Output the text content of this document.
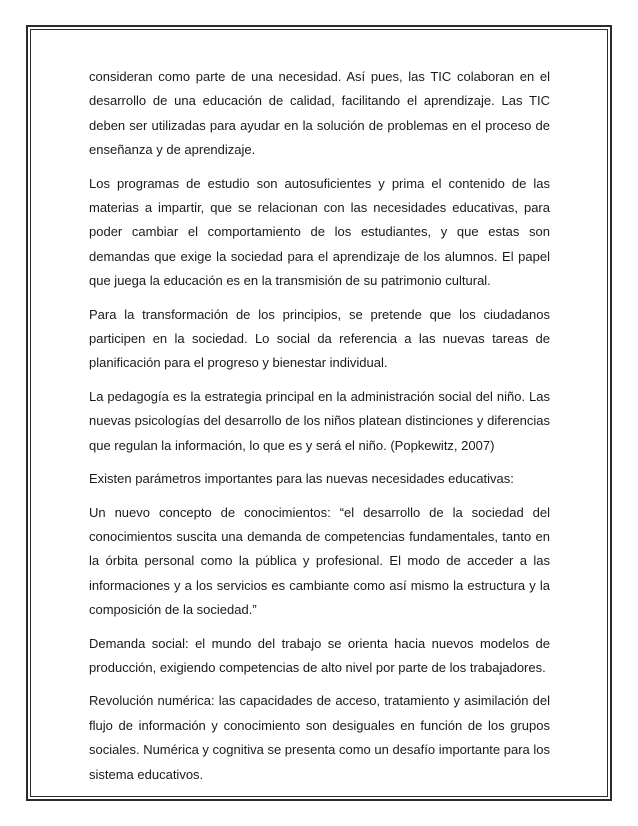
consideran como parte de una necesidad. Así pues, las TIC colaboran en el desarrollo de una educación de calidad, facilitando el aprendizaje. Las TIC deben ser utilizadas para ayudar en la solución de problemas en el proceso de enseñanza y de aprendizaje.

Los programas de estudio son autosuficientes y prima el contenido de las materias a impartir, que se relacionan con las necesidades educativas, para poder cambiar el comportamiento de los estudiantes, y que estas son demandas que exige la sociedad para el aprendizaje de los alumnos. El papel que juega la educación es en la transmisión de su patrimonio cultural.

Para la transformación de los principios, se pretende que los ciudadanos participen en la sociedad. Lo social da referencia a las nuevas tareas de planificación para el progreso y bienestar individual.

La pedagogía es la estrategia principal en la administración social del niño. Las nuevas psicologías del desarrollo de los niños platean distinciones y diferencias que regulan la información, lo que es y será el niño. (Popkewitz, 2007)

Existen parámetros importantes para las nuevas necesidades educativas:

Un nuevo concepto de conocimientos: “el desarrollo de la sociedad del conocimientos suscita una demanda de competencias fundamentales, tanto en la órbita personal como la pública y profesional. El modo de acceder a las informaciones y a los servicios es cambiante como así mismo la estructura y la composición de la sociedad.”

Demanda social: el mundo del trabajo se orienta hacia nuevos modelos de producción, exigiendo competencias de alto nivel por parte de los trabajadores.

Revolución numérica: las capacidades de acceso, tratamiento y asimilación del flujo de información y conocimiento son desiguales en función de los grupos sociales. Numérica y cognitiva se presenta como un desafío importante para los sistema educativos.
